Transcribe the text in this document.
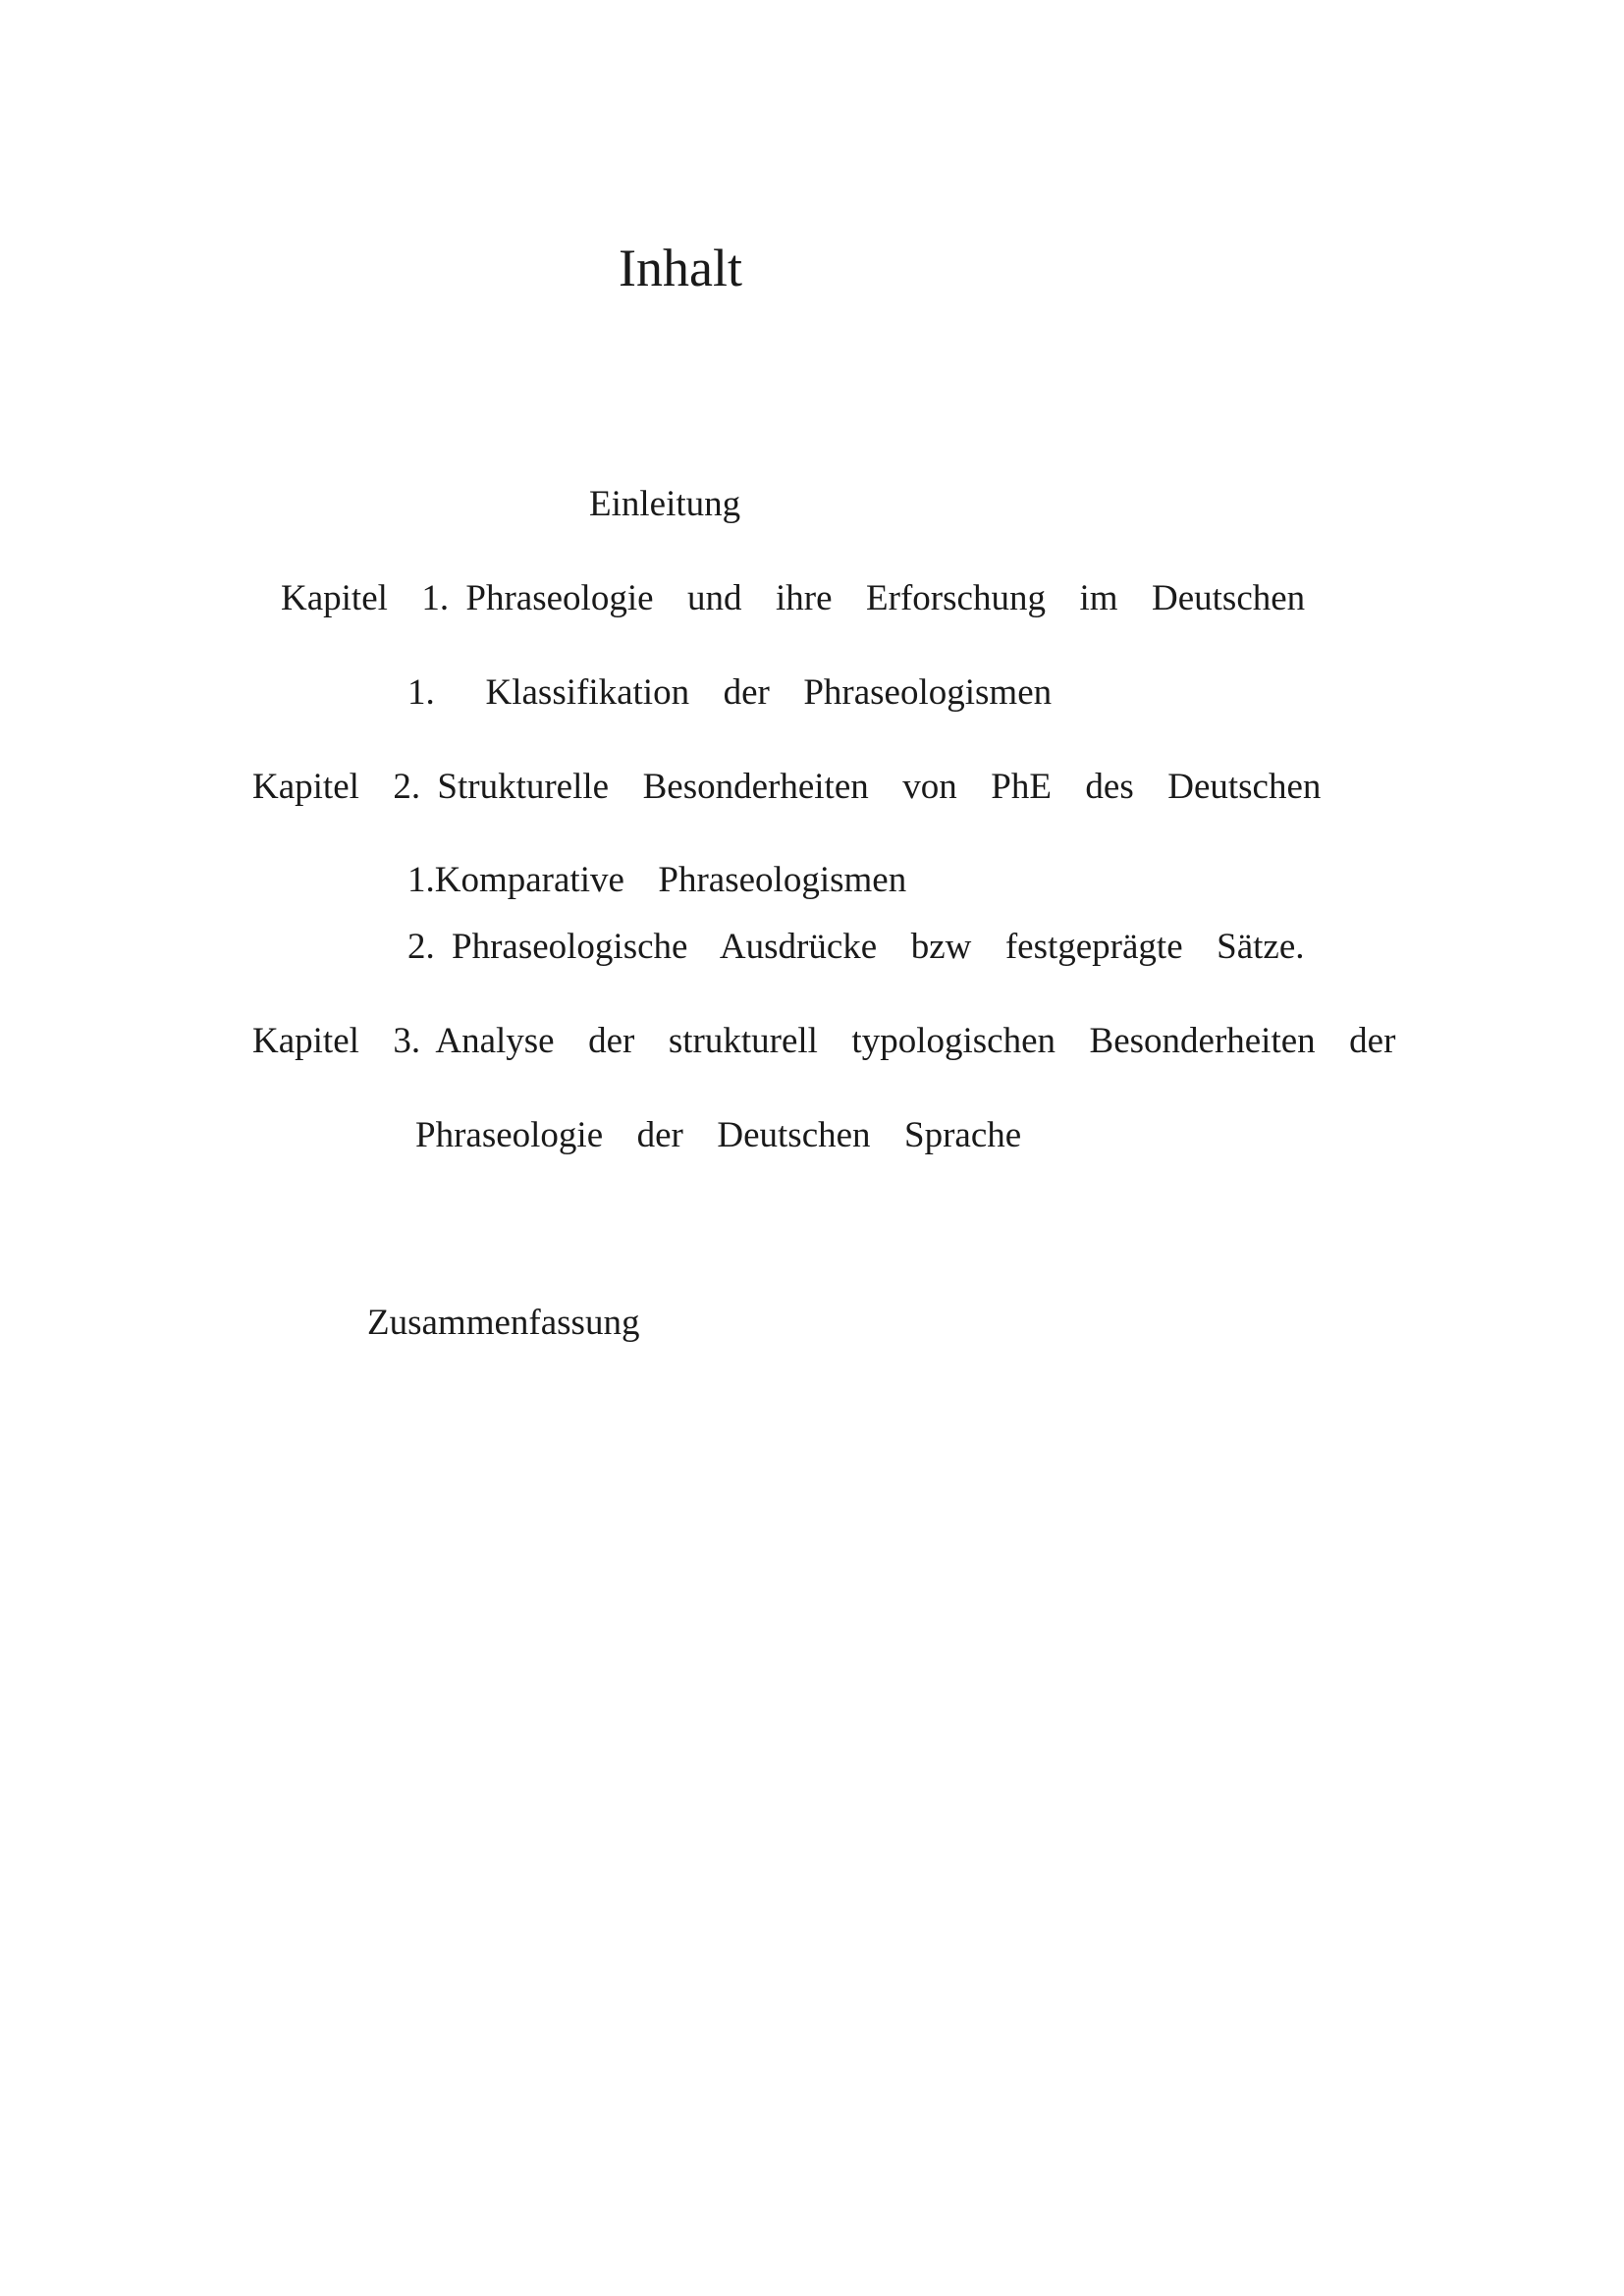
Inhalt
Einleitung
Kapitel  1. Phraseologie  und  ihre  Erforschung  im  Deutschen
1.   Klassifikation  der  Phraseologismen
Kapitel  2. Strukturelle  Besonderheiten  von  PhE  des  Deutschen
1.Komparative  Phraseologismen
2. Phraseologische  Ausdrücke  bzw  festgeprägte  Sätze.
Kapitel  3. Analyse  der  strukturell  typologischen  Besonderheiten  der
Phraseologie  der  Deutschen  Sprache
Zusammenfassung
